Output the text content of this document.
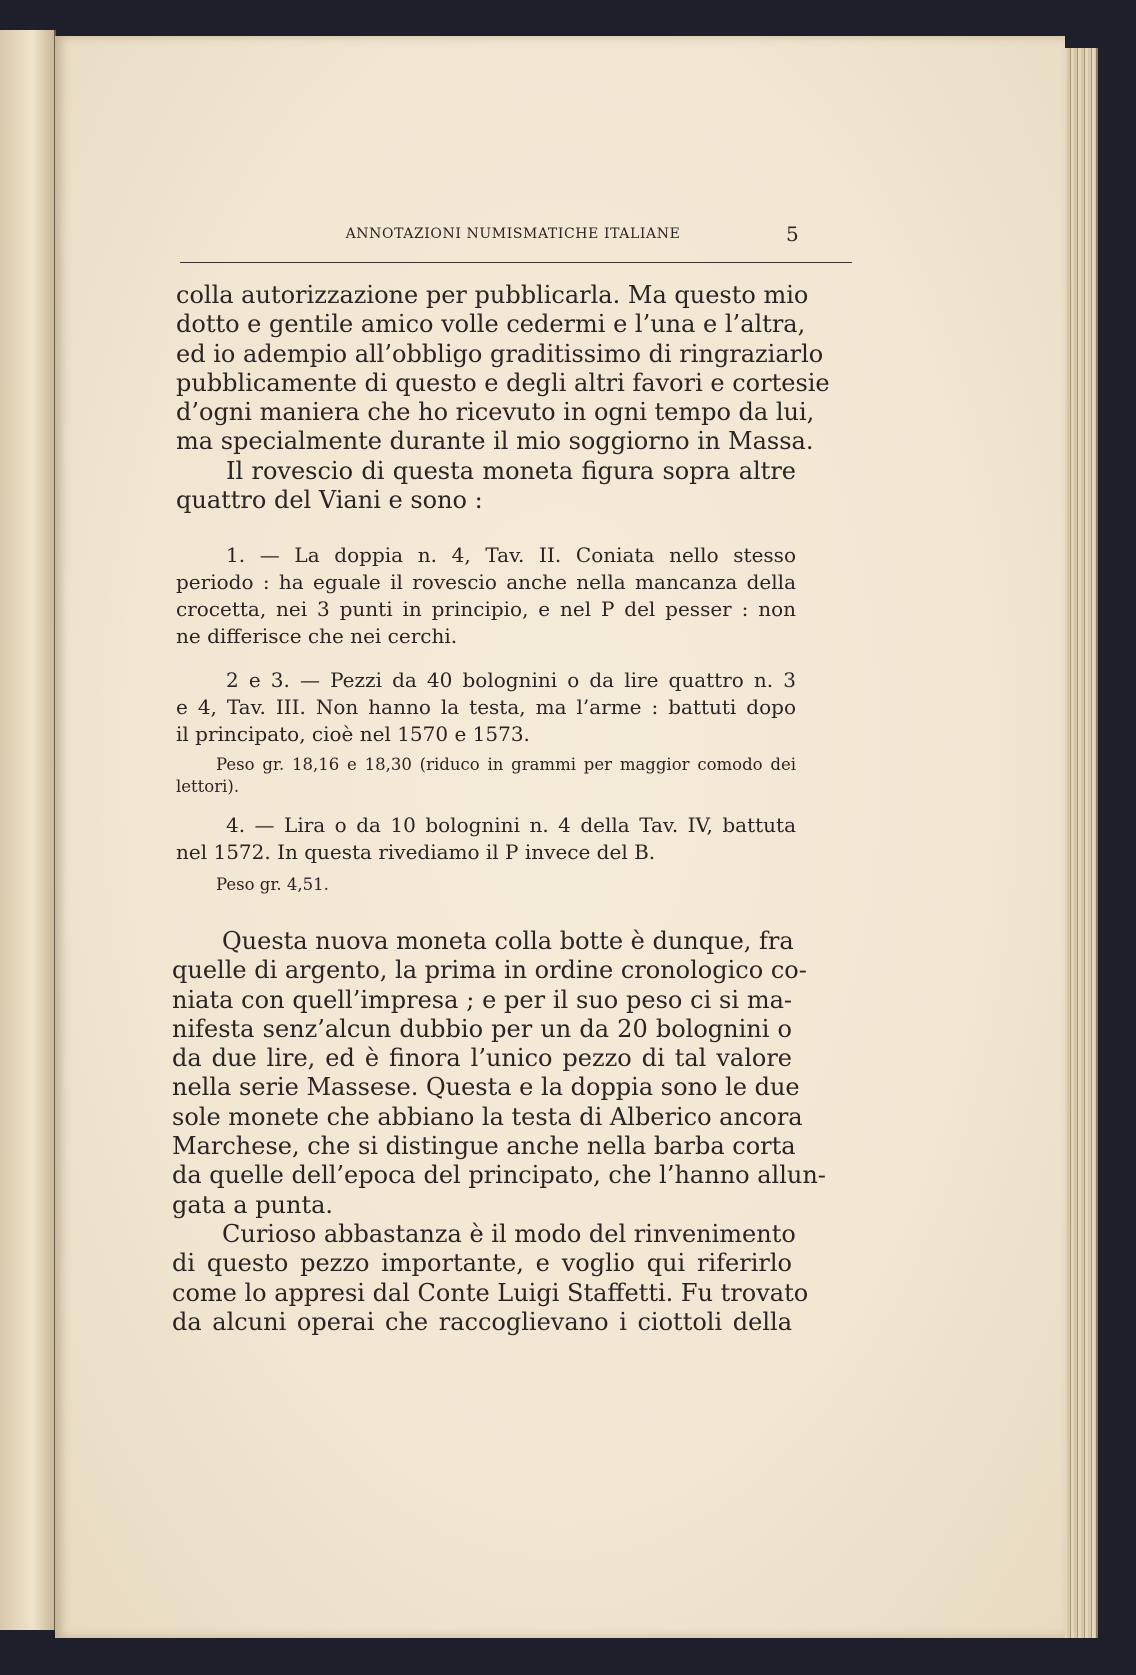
ANNOTAZIONI NUMISMATICHE ITALIANE	5
colla autorizzazione per pubblicarla. Ma questo mio
dotto e gentile amico volle cedermi e l’una e l’altra,
ed io adempio all’obbligo graditissimo di ringraziarlo
pubblicamente di questo e degli altri favori e cortesie
d’ogni maniera che ho ricevuto in ogni tempo da lui,
ma specialmente durante il mio soggiorno in Massa.
Il rovescio di questa moneta figura sopra altre
quattro del Viani e sono :
1. — La doppia n. 4, Tav. II. Coniata nello stesso
periodo : ha eguale il rovescio anche nella mancanza della
crocetta, nei 3 punti in principio, e nel P del pesser : non
ne differisce che nei cerchi.
2 e 3. — Pezzi da 40 bolognini o da lire quattro n. 3
e 4, Tav. III. Non hanno la testa, ma l’arme : battuti dopo
il principato, cioè nel 1570 e 1573.
Peso gr. 18,16 e 18,30 (riduco in grammi per maggior comodo dei
lettori).
4. — Lira o da 10 bolognini n. 4 della Tav. IV, battuta
nel 1572. In questa rivediamo il P invece del B.
Peso gr. 4,51.
Questa nuova moneta colla botte è dunque, fra
quelle di argento, la prima in ordine cronologico co-
niata con quell’impresa ; e per il suo peso ci si ma-
nifesta senz’alcun dubbio per un da 20 bolognini o
da due lire, ed è finora l’unico pezzo di tal valore
nella serie Massese. Questa e la doppia sono le due
sole monete che abbiano la testa di Alberico ancora
Marchese, che si distingue anche nella barba corta
da quelle dell’epoca del principato, che l’hanno allun-
gata a punta.
Curioso abbastanza è il modo del rinvenimento
di questo pezzo importante, e voglio qui riferirlo
come lo appresi dal Conte Luigi Staffetti. Fu trovato
da alcuni operai che raccoglievano i ciottoli della
